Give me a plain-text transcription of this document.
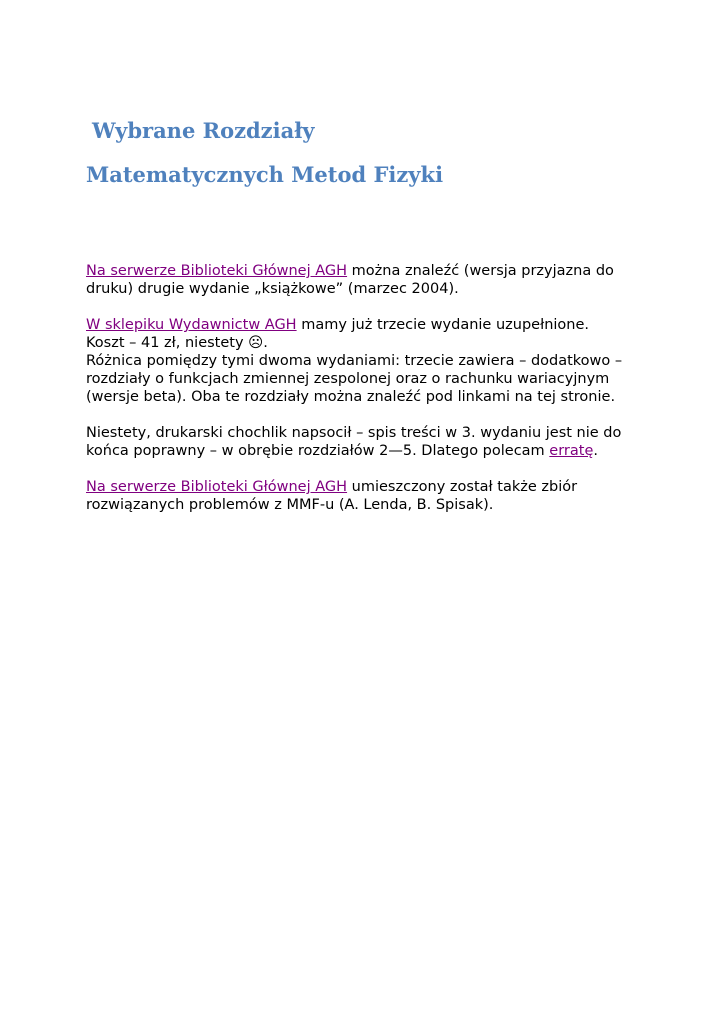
Wybrane Rozdziały
Matematycznych Metod Fizyki

Na serwerze Biblioteki Głównej AGH można znaleźć (wersja przyjazna do druku) drugie wydanie „książkowe” (marzec 2004).

W sklepiku Wydawnictw AGH mamy już trzecie wydanie uzupełnione.
Koszt – 41 zł, niestety ☹.
Różnica pomiędzy tymi dwoma wydaniami: trzecie zawiera – dodatkowo – rozdziały o funkcjach zmiennej zespolonej oraz o rachunku wariacyjnym (wersje beta). Oba te rozdziały można znaleźć pod linkami na tej stronie.

Niestety, drukarski chochlik napsocił – spis treści w 3. wydaniu jest nie do końca poprawny – w obrębie rozdziałów 2—5. Dlatego polecam erratę.

Na serwerze Biblioteki Głównej AGH umieszczony został także zbiór rozwiązanych problemów z MMF-u (A. Lenda, B. Spisak).
